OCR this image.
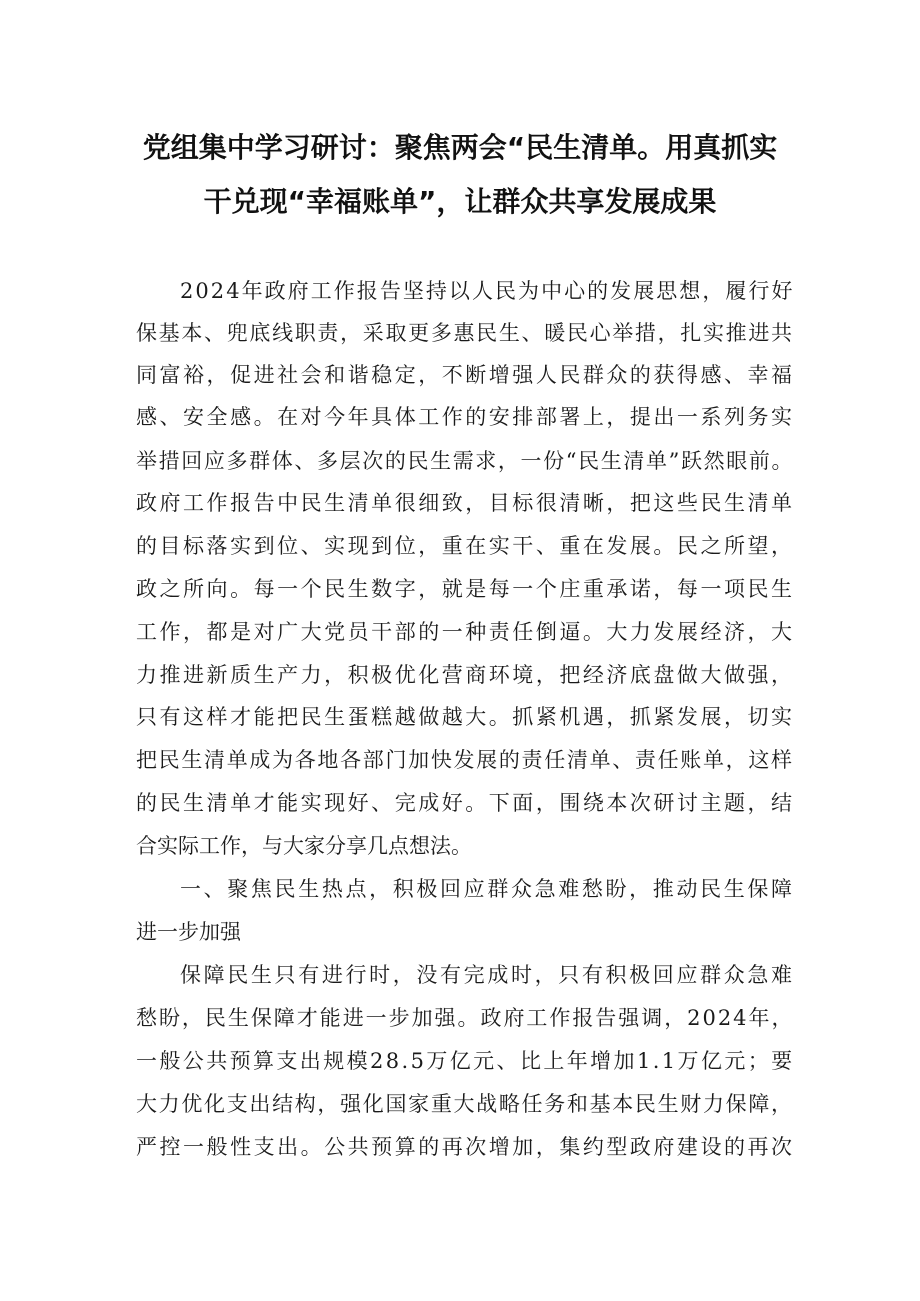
党组集中学习研讨：聚焦两会“民生清单。用真抓实
干兑现“幸福账单”，让群众共享发展成果
2024年政府工作报告坚持以人民为中心的发展思想，履行好
保基本、兜底线职责，采取更多惠民生、暖民心举措，扎实推进共
同富裕，促进社会和谐稳定，不断增强人民群众的获得感、幸福
感、安全感。在对今年具体工作的安排部署上，提出一系列务实
举措回应多群体、多层次的民生需求，一份“民生清单”跃然眼前。
政府工作报告中民生清单很细致，目标很清晰，把这些民生清单
的目标落实到位、实现到位，重在实干、重在发展。民之所望，
政之所向。每一个民生数字，就是每一个庄重承诺，每一项民生
工作，都是对广大党员干部的一种责任倒逼。大力发展经济，大
力推进新质生产力，积极优化营商环境，把经济底盘做大做强，
只有这样才能把民生蛋糕越做越大。抓紧机遇，抓紧发展，切实
把民生清单成为各地各部门加快发展的责任清单、责任账单，这样
的民生清单才能实现好、完成好。下面，围绕本次研讨主题，结
合实际工作，与大家分享几点想法。
一、聚焦民生热点，积极回应群众急难愁盼，推动民生保障
进一步加强
保障民生只有进行时，没有完成时，只有积极回应群众急难
愁盼，民生保障才能进一步加强。政府工作报告强调，2024年，
一般公共预算支出规模28.5万亿元、比上年增加1.1万亿元；要
大力优化支出结构，强化国家重大战略任务和基本民生财力保障，
严控一般性支出。公共预算的再次增加，集约型政府建设的再次
